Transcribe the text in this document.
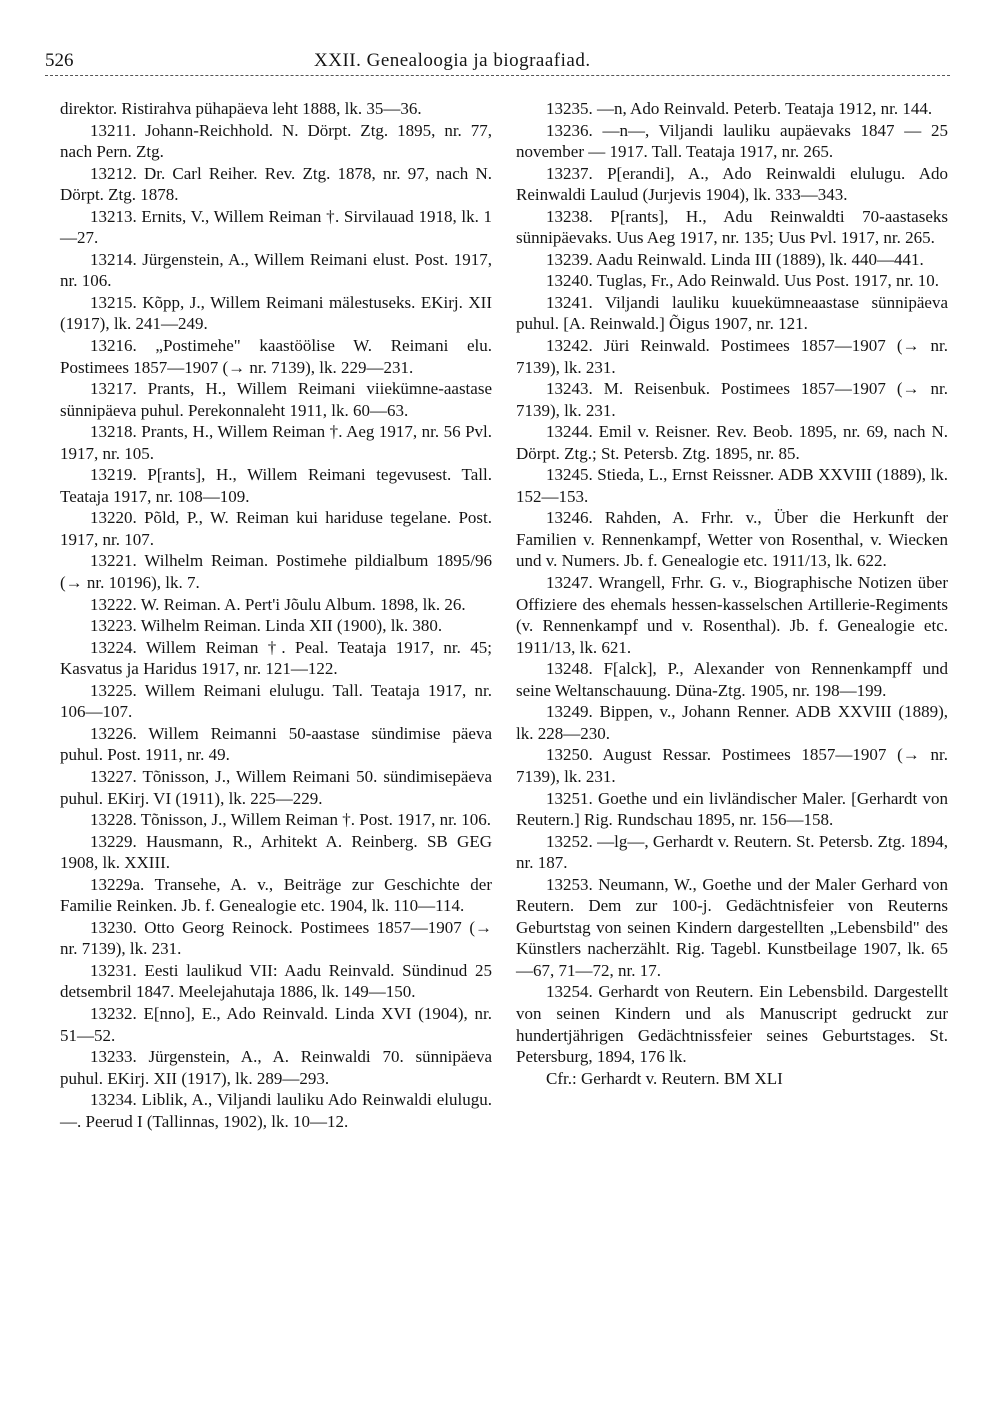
526	XXII. Genealoogia ja biograafiad.

direktor. Ristirahva pühapäeva leht 1888, lk. 35—36.

13211. Johann-Reichhold. N. Dörpt. Ztg. 1895, nr. 77, nach Pern. Ztg.

13212. Dr. Carl Reiher. Rev. Ztg. 1878, nr. 97, nach N. Dörpt. Ztg. 1878.

13213. Ernits, V., Willem Reiman †. Sirvilauad 1918, lk. 1—27.

13214. Jürgenstein, A., Willem Reimani elust. Post. 1917, nr. 106.

13215. Kõpp, J., Willem Reimani mälestuseks. EKirj. XII (1917), lk. 241—249.

13216. „Postimehe" kaastöölise W. Reimani elu. Postimees 1857—1907 (→ nr. 7139), lk. 229—231.

13217. Prants, H., Willem Reimani viiekümne-aastase sünnipäeva puhul. Perekonnaleht 1911, lk. 60—63.

13218. Prants, H., Willem Reiman †. Aeg 1917, nr. 56 Pvl. 1917, nr. 105.

13219. P[rants], H., Willem Reimani tegevusest. Tall. Teataja 1917, nr. 108—109.

13220. Põld, P., W. Reiman kui hariduse tegelane. Post. 1917, nr. 107.

13221. Wilhelm Reiman. Postimehe pildialbum 1895/96 (→ nr. 10196), lk. 7.

13222. W. Reiman. A. Pert'i Jõulu Album. 1898, lk. 26.

13223. Wilhelm Reiman. Linda XII (1900), lk. 380.

13224. Willem Reiman †. Peal. Teataja 1917, nr. 45; Kasvatus ja Haridus 1917, nr. 121—122.

13225. Willem Reimani elulugu. Tall. Teataja 1917, nr. 106—107.

13226. Willem Reimanni 50-aastase sündimise päeva puhul. Post. 1911, nr. 49.

13227. Tõnisson, J., Willem Reimani 50. sündimisepäeva puhul. EKirj. VI (1911), lk. 225—229.

13228. Tõnisson, J., Willem Reiman †. Post. 1917, nr. 106.

13229. Hausmann, R., Arhitekt A. Reinberg. SB GEG 1908, lk. XXIII.

13229a. Transehe, A. v., Beiträge zur Geschichte der Familie Reinken. Jb. f. Genealogie etc. 1904, lk. 110—114.

13230. Otto Georg Reinock. Postimees 1857—1907 (→ nr. 7139), lk. 231.

13231. Eesti laulikud VII: Aadu Reinvald. Sündinud 25 detsembril 1847. Meelejahutaja 1886, lk. 149—150.

13232. E[nno], E., Ado Reinvald. Linda XVI (1904), nr. 51—52.

13233. Jürgenstein, A., A. Reinwaldi 70. sünnipäeva puhul. EKirj. XII (1917), lk. 289—293.

13234. Liblik, A., Viljandi lauliku Ado Reinwaldi elulugu. —. Peerud I (Tallinnas, 1902), lk. 10—12.

13235. —n, Ado Reinvald. Peterb. Teataja 1912, nr. 144.

13236. —n—, Viljandi lauliku aupäevaks 1847 — 25 november — 1917. Tall. Teataja 1917, nr. 265.

13237. P[erandi], A., Ado Reinwaldi elulugu. Ado Reinwaldi Laulud (Jurjevis 1904), lk. 333—343.

13238. P[rants], H., Adu Reinwaldti 70-aastaseks sünnipäevaks. Uus Aeg 1917, nr. 135; Uus Pvl. 1917, nr. 265.

13239. Aadu Reinwald. Linda III (1889), lk. 440—441.

13240. Tuglas, Fr., Ado Reinwald. Uus Post. 1917, nr. 10.

13241. Viljandi lauliku kuuekümneaastase sünnipäeva puhul. [A. Reinwald.] Õigus 1907, nr. 121.

13242. Jüri Reinwald. Postimees 1857—1907 (→ nr. 7139), lk. 231.

13243. M. Reisenbuk. Postimees 1857—1907 (→ nr. 7139), lk. 231.

13244. Emil v. Reisner. Rev. Beob. 1895, nr. 69, nach N. Dörpt. Ztg.; St. Petersb. Ztg. 1895, nr. 85.

13245. Stieda, L., Ernst Reissner. ADB XXVIII (1889), lk. 152—153.

13246. Rahden, A. Frhr. v., Über die Herkunft der Familien v. Rennenkampf, Wetter von Rosenthal, v. Wiecken und v. Numers. Jb. f. Genealogie etc. 1911/13, lk. 622.

13247. Wrangell, Frhr. G. v., Biographische Notizen über Offiziere des ehemals hessen-kasselschen Artillerie-Regiments (v. Rennenkampf und v. Rosenthal). Jb. f. Genealogie etc. 1911/13, lk. 621.

13248. F[alck], P., Alexander von Rennenkampff und seine Weltanschauung. Düna-Ztg. 1905, nr. 198—199.

13249. Bippen, v., Johann Renner. ADB XXVIII (1889), lk. 228—230.

13250. August Ressar. Postimees 1857—1907 (→ nr. 7139), lk. 231.

13251. Goethe und ein livländischer Maler. [Gerhardt von Reutern.] Rig. Rundschau 1895, nr. 156—158.

13252. —lg—, Gerhardt v. Reutern. St. Petersb. Ztg. 1894, nr. 187.

13253. Neumann, W., Goethe und der Maler Gerhard von Reutern. Dem zur 100-j. Gedächtnisfeier von Reuterns Geburtstag von seinen Kindern dargestellten „Lebensbild" des Künstlers nacherzählt. Rig. Tagebl. Kunstbeilage 1907, lk. 65—67, 71—72, nr. 17.

13254. Gerhardt von Reutern. Ein Lebensbild. Dargestellt von seinen Kindern und als Manuscript gedruckt zur hundertjährigen Gedächtnissfeier seines Geburtstages. St. Petersburg, 1894, 176 lk.

Cfr.: Gerhardt v. Reutern. BM XLI
